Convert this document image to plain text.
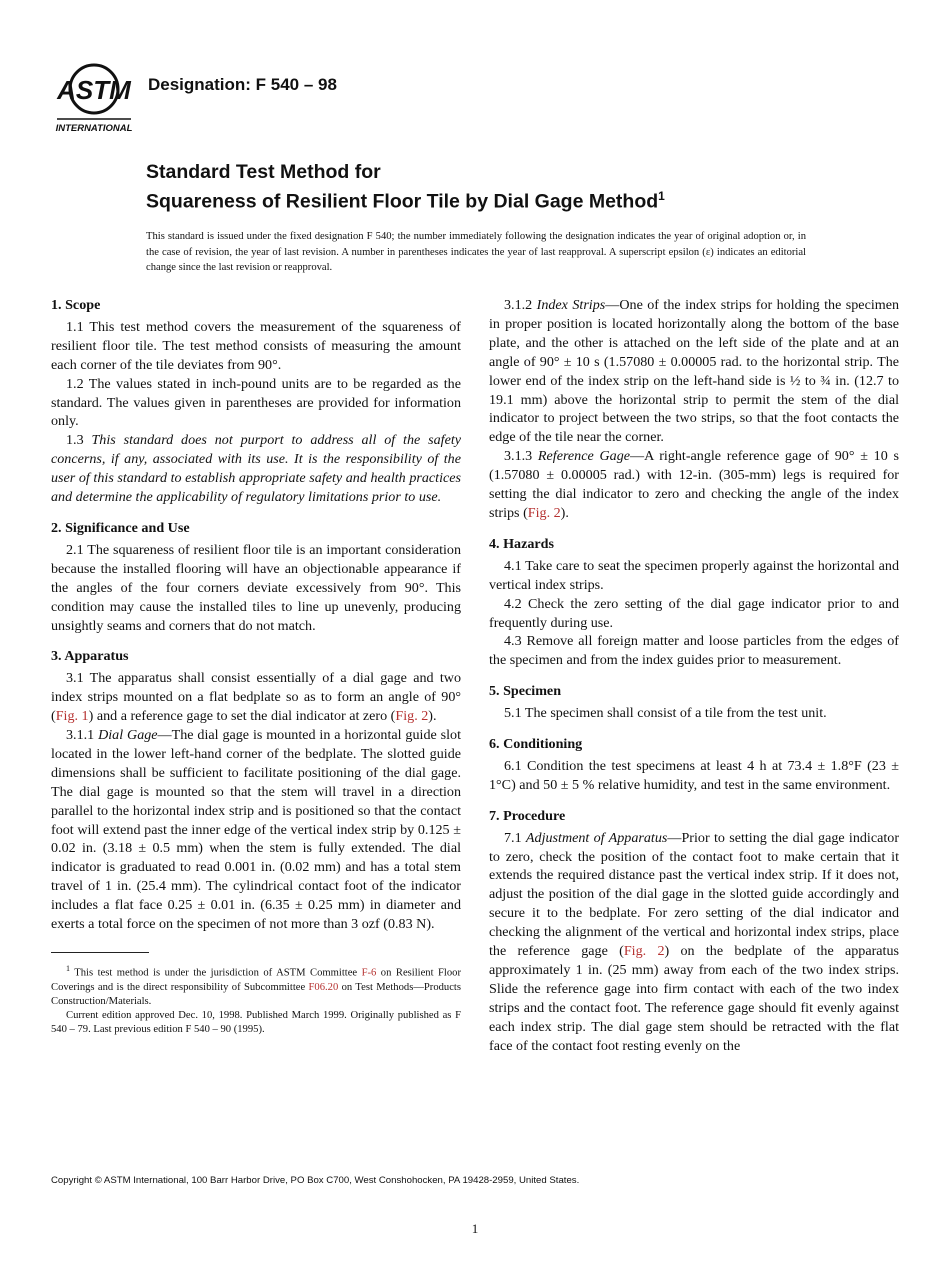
ASTM
INTERNATIONAL
Designation: F 540 – 98
Standard Test Method for
Squareness of Resilient Floor Tile by Dial Gage Method$^1$
This standard is issued under the fixed designation F 540; the number immediately following the designation indicates the year of original adoption or, in the case of revision, the year of last revision. A number in parentheses indicates the year of last reapproval. A superscript epsilon (ε) indicates an editorial change since the last revision or reapproval.
1. Scope

1.1 This test method covers the measurement of the squareness of resilient floor tile. The test method consists of measuring the amount each corner of the tile deviates from 90°.

1.2 The values stated in inch-pound units are to be regarded as the standard. The values given in parentheses are provided for information only.

1.3 This standard does not purport to address all of the safety concerns, if any, associated with its use. It is the responsibility of the user of this standard to establish appropriate safety and health practices and determine the applicability of regulatory limitations prior to use.

2. Significance and Use

2.1 The squareness of resilient floor tile is an important consideration because the installed flooring will have an objectionable appearance if the angles of the four corners deviate excessively from 90°. This condition may cause the installed tiles to line up unevenly, producing unsightly seams and corners that do not match.

3. Apparatus

3.1 The apparatus shall consist essentially of a dial gage and two index strips mounted on a flat bedplate so as to form an angle of 90° (Fig. 1) and a reference gage to set the dial indicator at zero (Fig. 2).

3.1.1 Dial Gage—The dial gage is mounted in a horizontal guide slot located in the lower left-hand corner of the bedplate. The slotted guide dimensions shall be sufficient to facilitate positioning of the dial gage. The dial gage is mounted so that the stem will travel in a direction parallel to the horizontal index strip and is positioned so that the contact foot will extend past the inner edge of the vertical index strip by 0.125 ± 0.02 in. (3.18 ± 0.5 mm) when the stem is fully extended. The dial indicator is graduated to read 0.001 in. (0.02 mm) and has a total stem travel of 1 in. (25.4 mm). The cylindrical contact foot of the indicator includes a flat face 0.25 ± 0.01 in. (6.35 ± 0.25 mm) in diameter and exerts a total force on the specimen of not more than 3 ozf (0.83 N).

$^1$ This test method is under the jurisdiction of ASTM Committee F-6 on Resilient Floor Coverings and is the direct responsibility of Subcommittee F06.20 on Test Methods—Products Construction/Materials.

Current edition approved Dec. 10, 1998. Published March 1999. Originally published as F 540 – 79. Last previous edition F 540 – 90 (1995).

3.1.2 Index Strips—One of the index strips for holding the specimen in proper position is located horizontally along the bottom of the base plate, and the other is attached on the left side of the plate and at an angle of 90° ± 10 s (1.57080 ± 0.00005 rad. to the horizontal strip. The lower end of the index strip on the left-hand side is ½ to ¾ in. (12.7 to 19.1 mm) above the horizontal strip to permit the stem of the dial indicator to project between the two strips, so that the foot contacts the edge of the tile near the corner.

3.1.3 Reference Gage—A right-angle reference gage of 90° ± 10 s (1.57080 ± 0.00005 rad.) with 12-in. (305-mm) legs is required for setting the dial indicator to zero and checking the angle of the index strips (Fig. 2).

4. Hazards

4.1 Take care to seat the specimen properly against the horizontal and vertical index strips.

4.2 Check the zero setting of the dial gage indicator prior to and frequently during use.

4.3 Remove all foreign matter and loose particles from the edges of the specimen and from the index guides prior to measurement.

5. Specimen

5.1 The specimen shall consist of a tile from the test unit.

6. Conditioning

6.1 Condition the test specimens at least 4 h at 73.4 ± 1.8°F (23 ± 1°C) and 50 ± 5 % relative humidity, and test in the same environment.

7. Procedure

7.1 Adjustment of Apparatus—Prior to setting the dial gage indicator to zero, check the position of the contact foot to make certain that it extends the required distance past the vertical index strip. If it does not, adjust the position of the dial gage in the slotted guide accordingly and secure it to the bedplate. For zero setting of the dial indicator and checking the alignment of the vertical and horizontal index strips, place the reference gage (Fig. 2) on the bedplate of the apparatus approximately 1 in. (25 mm) away from each of the two index strips. Slide the reference gage into firm contact with each of the two index strips and the contact foot. The reference gage should fit evenly against each index strip. The dial gage stem should be retracted with the flat face of the contact foot resting evenly on the

Copyright © ASTM International, 100 Barr Harbor Drive, PO Box C700, West Conshohocken, PA 19428-2959, United States.
1
